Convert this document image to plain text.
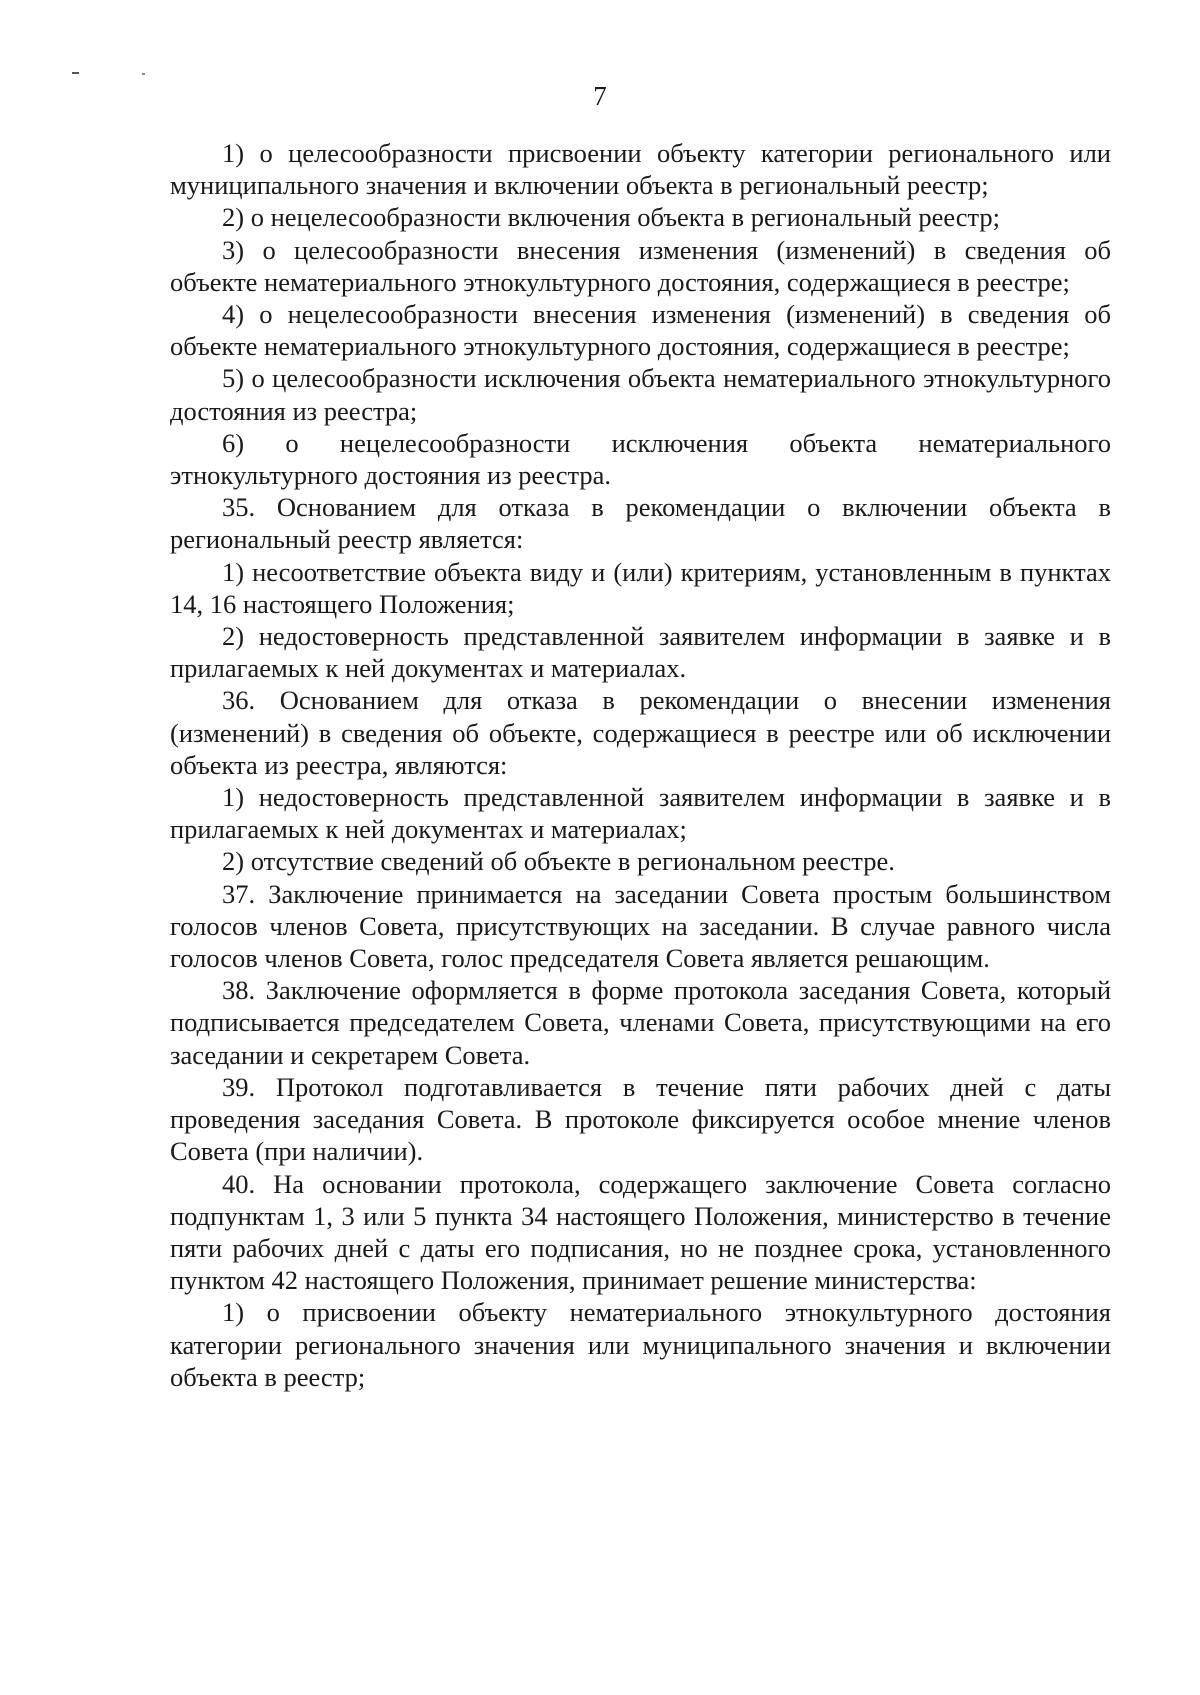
7

1) о целесообразности присвоении объекту категории регионального или муниципального значения и включении объекта в региональный реестр;

2) о нецелесообразности включения объекта в региональный реестр;

3) о целесообразности внесения изменения (изменений) в сведения об объекте нематериального этнокультурного достояния, содержащиеся в реестре;

4) о нецелесообразности внесения изменения (изменений) в сведения об объекте нематериального этнокультурного достояния, содержащиеся в реестре;

5) о целесообразности исключения объекта нематериального этнокультурного достояния из реестра;

6) о нецелесообразности исключения объекта нематериального этнокультурного достояния из реестра.

35. Основанием для отказа в рекомендации о включении объекта в региональный реестр является:

1) несоответствие объекта виду и (или) критериям, установленным в пунктах 14, 16 настоящего Положения;

2) недостоверность представленной заявителем информации в заявке и в прилагаемых к ней документах и материалах.

36. Основанием для отказа в рекомендации о внесении изменения (изменений) в сведения об объекте, содержащиеся в реестре или об исключении объекта из реестра, являются:

1) недостоверность представленной заявителем информации в заявке и в прилагаемых к ней документах и материалах;

2) отсутствие сведений об объекте в региональном реестре.

37. Заключение принимается на заседании Совета простым большинством голосов членов Совета, присутствующих на заседании. В случае равного числа голосов членов Совета, голос председателя Совета является решающим.

38. Заключение оформляется в форме протокола заседания Совета, который подписывается председателем Совета, членами Совета, присутствующими на его заседании и секретарем Совета.

39. Протокол подготавливается в течение пяти рабочих дней с даты проведения заседания Совета. В протоколе фиксируется особое мнение членов Совета (при наличии).

40. На основании протокола, содержащего заключение Совета согласно подпунктам 1, 3 или 5 пункта 34 настоящего Положения, министерство в течение пяти рабочих дней с даты его подписания, но не позднее срока, установленного пунктом 42 настоящего Положения, принимает решение министерства:

1) о присвоении объекту нематериального этнокультурного достояния категории регионального значения или муниципального значения и включении объекта в реестр;
